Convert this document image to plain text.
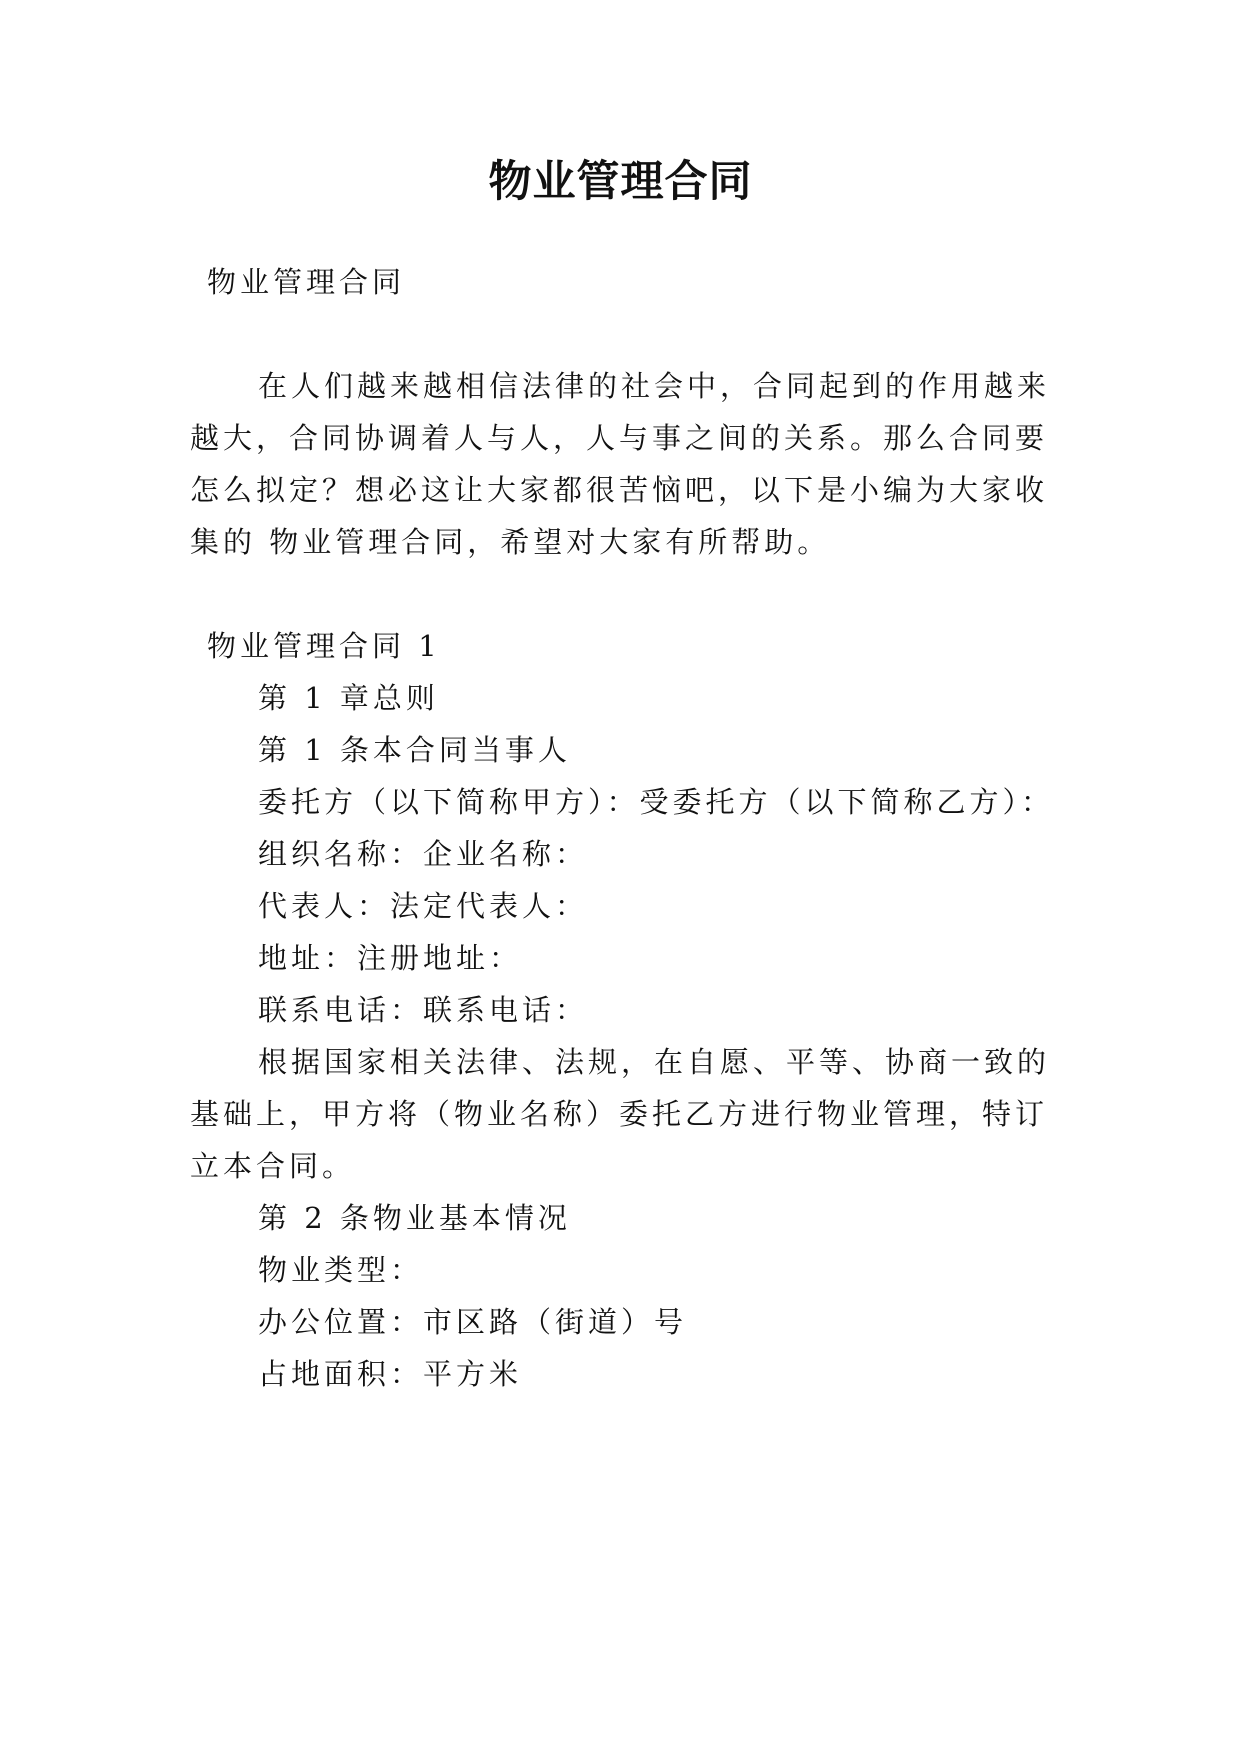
物业管理合同
物业管理合同
在人们越来越相信法律的社会中，合同起到的作用越来
越大，合同协调着人与人，人与事之间的关系。那么合同要
怎么拟定？想必这让大家都很苦恼吧，以下是小编为大家收
集的 物业管理合同，希望对大家有所帮助。
物业管理合同 1
第 1 章总则
第 1 条本合同当事人
委托方（以下简称甲方）：受委托方（以下简称乙方）：
组织名称：企业名称：
代表人：法定代表人：
地址：注册地址：
联系电话：联系电话：
根据国家相关法律、法规，在自愿、平等、协商一致的
基础上，甲方将（物业名称）委托乙方进行物业管理，特订
立本合同。
第 2 条物业基本情况
物业类型：
办公位置：市区路（街道）号
占地面积：平方米
